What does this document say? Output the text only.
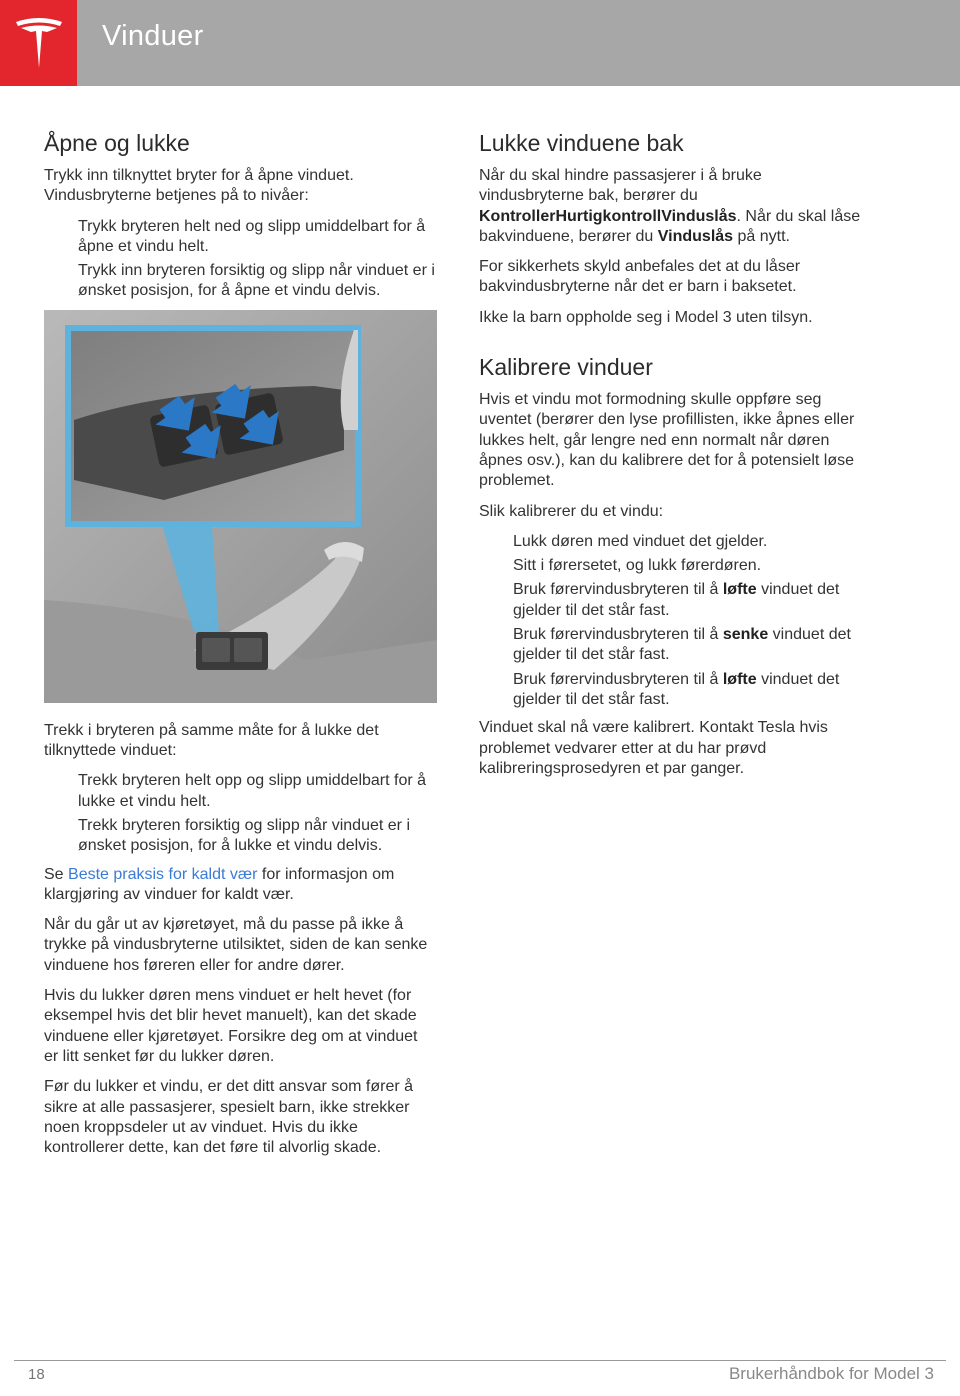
Vinduer
Åpne og lukke

Trykk inn tilknyttet bryter for å åpne vinduet. Vindusbryterne betjenes på to nivåer:

Trykk bryteren helt ned og slipp umiddelbart for å åpne et vindu helt.

Trykk inn bryteren forsiktig og slipp når vinduet er i ønsket posisjon, for å åpne et vindu delvis.

Trekk i bryteren på samme måte for å lukke det tilknyttede vinduet:

Trekk bryteren helt opp og slipp umiddelbart for å lukke et vindu helt.

Trekk bryteren forsiktig og slipp når vinduet er i ønsket posisjon, for å lukke et vindu delvis.

Se Beste praksis for kaldt vær for informasjon om klargjøring av vinduer for kaldt vær.

Når du går ut av kjøretøyet, må du passe på ikke å trykke på vindusbryterne utilsiktet, siden de kan senke vinduene hos føreren eller for andre dører.

Hvis du lukker døren mens vinduet er helt hevet (for eksempel hvis det blir hevet manuelt), kan det skade vinduene eller kjøretøyet. Forsikre deg om at vinduet er litt senket før du lukker døren.

Før du lukker et vindu, er det ditt ansvar som fører å sikre at alle passasjerer, spesielt barn, ikke strekker noen kroppsdeler ut av vinduet. Hvis du ikke kontrollerer dette, kan det føre til alvorlig skade.

Lukke vinduene bak

Når du skal hindre passasjerer i å bruke vindusbryterne bak, berører du KontrollerHurtigkontrollVinduslås. Når du skal låse bakvinduene, berører du Vinduslås på nytt.

For sikkerhets skyld anbefales det at du låser bakvindusbryterne når det er barn i baksetet.

Ikke la barn oppholde seg i Model 3 uten tilsyn.

Kalibrere vinduer

Hvis et vindu mot formodning skulle oppføre seg uventet (berører den lyse profillisten, ikke åpnes eller lukkes helt, går lengre ned enn normalt når døren åpnes osv.), kan du kalibrere det for å potensielt løse problemet.

Slik kalibrerer du et vindu:

Lukk døren med vinduet det gjelder.

Sitt i førersetet, og lukk førerdøren.

Bruk førervindusbryteren til å løfte vinduet det gjelder til det står fast.

Bruk førervindusbryteren til å senke vinduet det gjelder til det står fast.

Bruk førervindusbryteren til å løfte vinduet det gjelder til det står fast.

Vinduet skal nå være kalibrert. Kontakt Tesla hvis problemet vedvarer etter at du har prøvd kalibreringsprosedyren et par ganger.

18	Brukerhåndbok for Model 3
